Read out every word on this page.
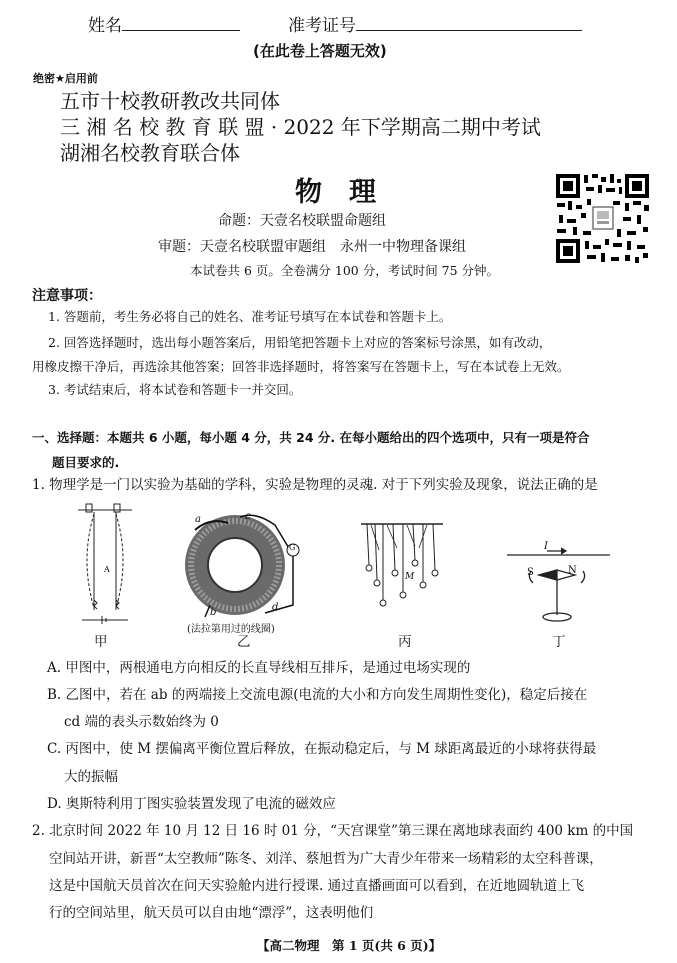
姓名	准考证号
(在此卷上答题无效)
绝密★启用前
五市十校教研教改共同体
三 湘 名 校 教 育 联 盟 · 2022 年下学期高二期中考试
湖湘名校教育联合体
物　理
命题：天壹名校联盟命题组
审题：天壹名校联盟审题组　永州一中物理备课组
本试卷共 6 页。全卷满分 100 分，考试时间 75 分钟。
注意事项：
1. 答题前，考生务必将自己的姓名、准考证号填写在本试卷和答题卡上。
2. 回答选择题时，选出每小题答案后，用铅笔把答题卡上对应的答案标号涂黑，如有改动，
用橡皮擦干净后，再选涂其他答案；回答非选择题时，将答案写在答题卡上，写在本试卷上无效。
3. 考试结束后，将本试卷和答题卡一并交回。
一、选择题：本题共 6 小题，每小题 4 分，共 24 分. 在每小题给出的四个选项中，只有一项是符合
题目要求的.
1. 物理学是一门以实验为基础的学科，实验是物理的灵魂. 对于下列实验及现象，说法正确的是
A
甲
a
b
c
d
G
(法拉第用过的线圈)
乙
M
丙
I
S	N
丁
A. 甲图中，两根通电方向相反的长直导线相互排斥，是通过电场实现的
B. 乙图中，若在 ab 的两端接上交流电源(电流的大小和方向发生周期性变化)，稳定后接在
cd 端的表头示数始终为 0
C. 丙图中，使 M 摆偏离平衡位置后释放，在振动稳定后，与 M 球距离最近的小球将获得最
大的振幅
D. 奥斯特利用丁图实验装置发现了电流的磁效应
2. 北京时间 2022 年 10 月 12 日 16 时 01 分，“天宫课堂”第三课在离地球表面约 400 km 的中国
空间站开讲，新晋“太空教师”陈冬、刘洋、蔡旭哲为广大青少年带来一场精彩的太空科普课，
这是中国航天员首次在问天实验舱内进行授课. 通过直播画面可以看到，在近地圆轨道上飞
行的空间站里，航天员可以自由地“漂浮”，这表明他们
【高二物理　第 1 页(共 6 页)】
